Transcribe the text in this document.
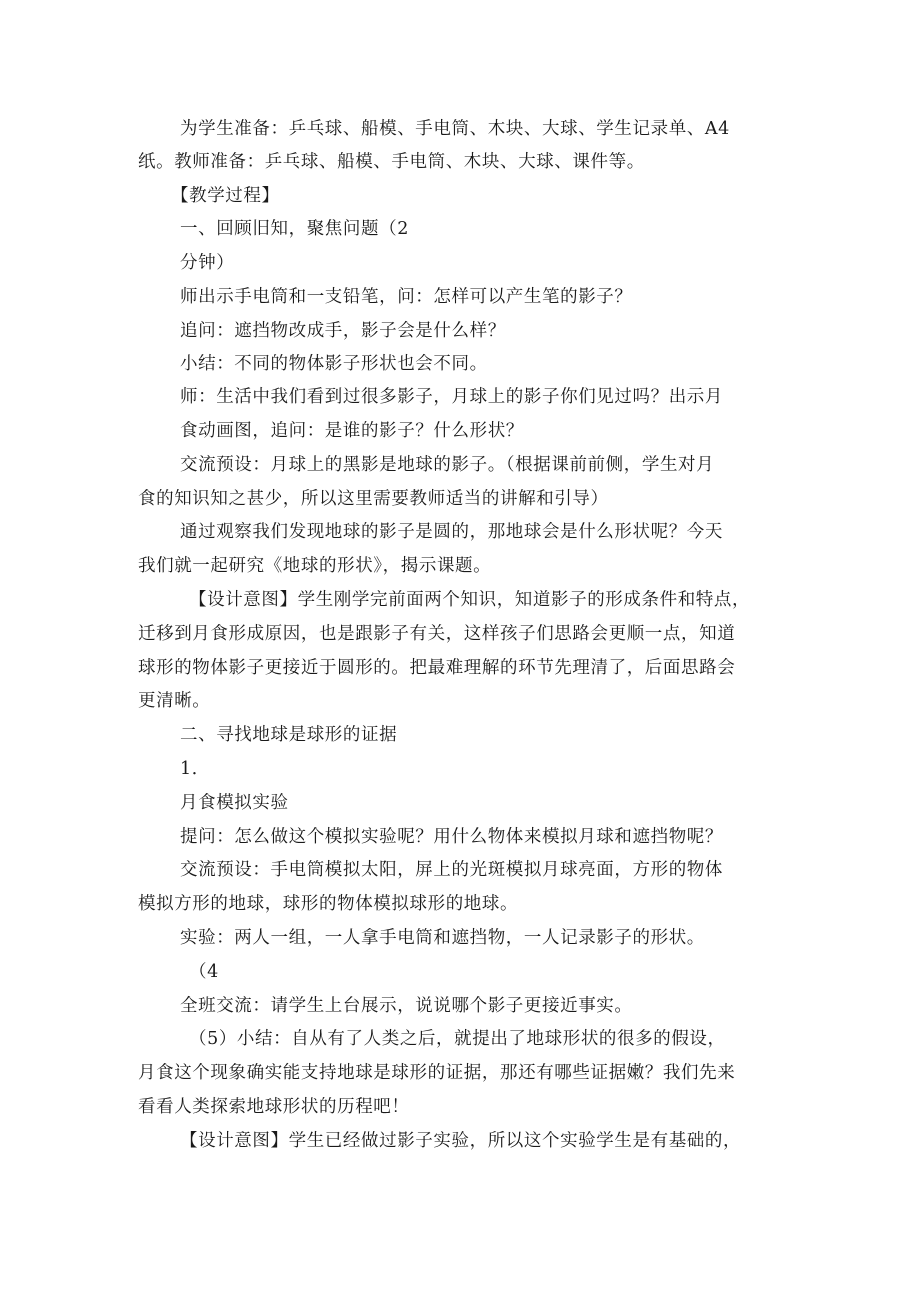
为学生准备：乒乓球、船模、手电筒、木块、大球、学生记录单、A4
纸。教师准备：乒乓球、船模、手电筒、木块、大球、课件等。
【教学过程】
一、回顾旧知，聚焦问题（2
分钟）
师出示手电筒和一支铅笔，问：怎样可以产生笔的影子？
追问：遮挡物改成手，影子会是什么样？
小结：不同的物体影子形状也会不同。
师：生活中我们看到过很多影子，月球上的影子你们见过吗？出示月
食动画图，追问：是谁的影子？什么形状？
交流预设：月球上的黑影是地球的影子。（根据课前前侧，学生对月
食的知识知之甚少，所以这里需要教师适当的讲解和引导）
通过观察我们发现地球的影子是圆的，那地球会是什么形状呢？今天
我们就一起研究《地球的形状》，揭示课题。
【设计意图】学生刚学完前面两个知识，知道影子的形成条件和特点，
迁移到月食形成原因，也是跟影子有关，这样孩子们思路会更顺一点，知道
球形的物体影子更接近于圆形的。把最难理解的环节先理清了，后面思路会
更清晰。
二、寻找地球是球形的证据
1．
月食模拟实验
提问：怎么做这个模拟实验呢？用什么物体来模拟月球和遮挡物呢？
交流预设：手电筒模拟太阳，屏上的光斑模拟月球亮面，方形的物体
模拟方形的地球，球形的物体模拟球形的地球。
实验：两人一组，一人拿手电筒和遮挡物，一人记录影子的形状。
（4
全班交流：请学生上台展示，说说哪个影子更接近事实。
（5）小结：自从有了人类之后，就提出了地球形状的很多的假设，
月食这个现象确实能支持地球是球形的证据，那还有哪些证据嫩？我们先来
看看人类探索地球形状的历程吧！
【设计意图】学生已经做过影子实验，所以这个实验学生是有基础的，
